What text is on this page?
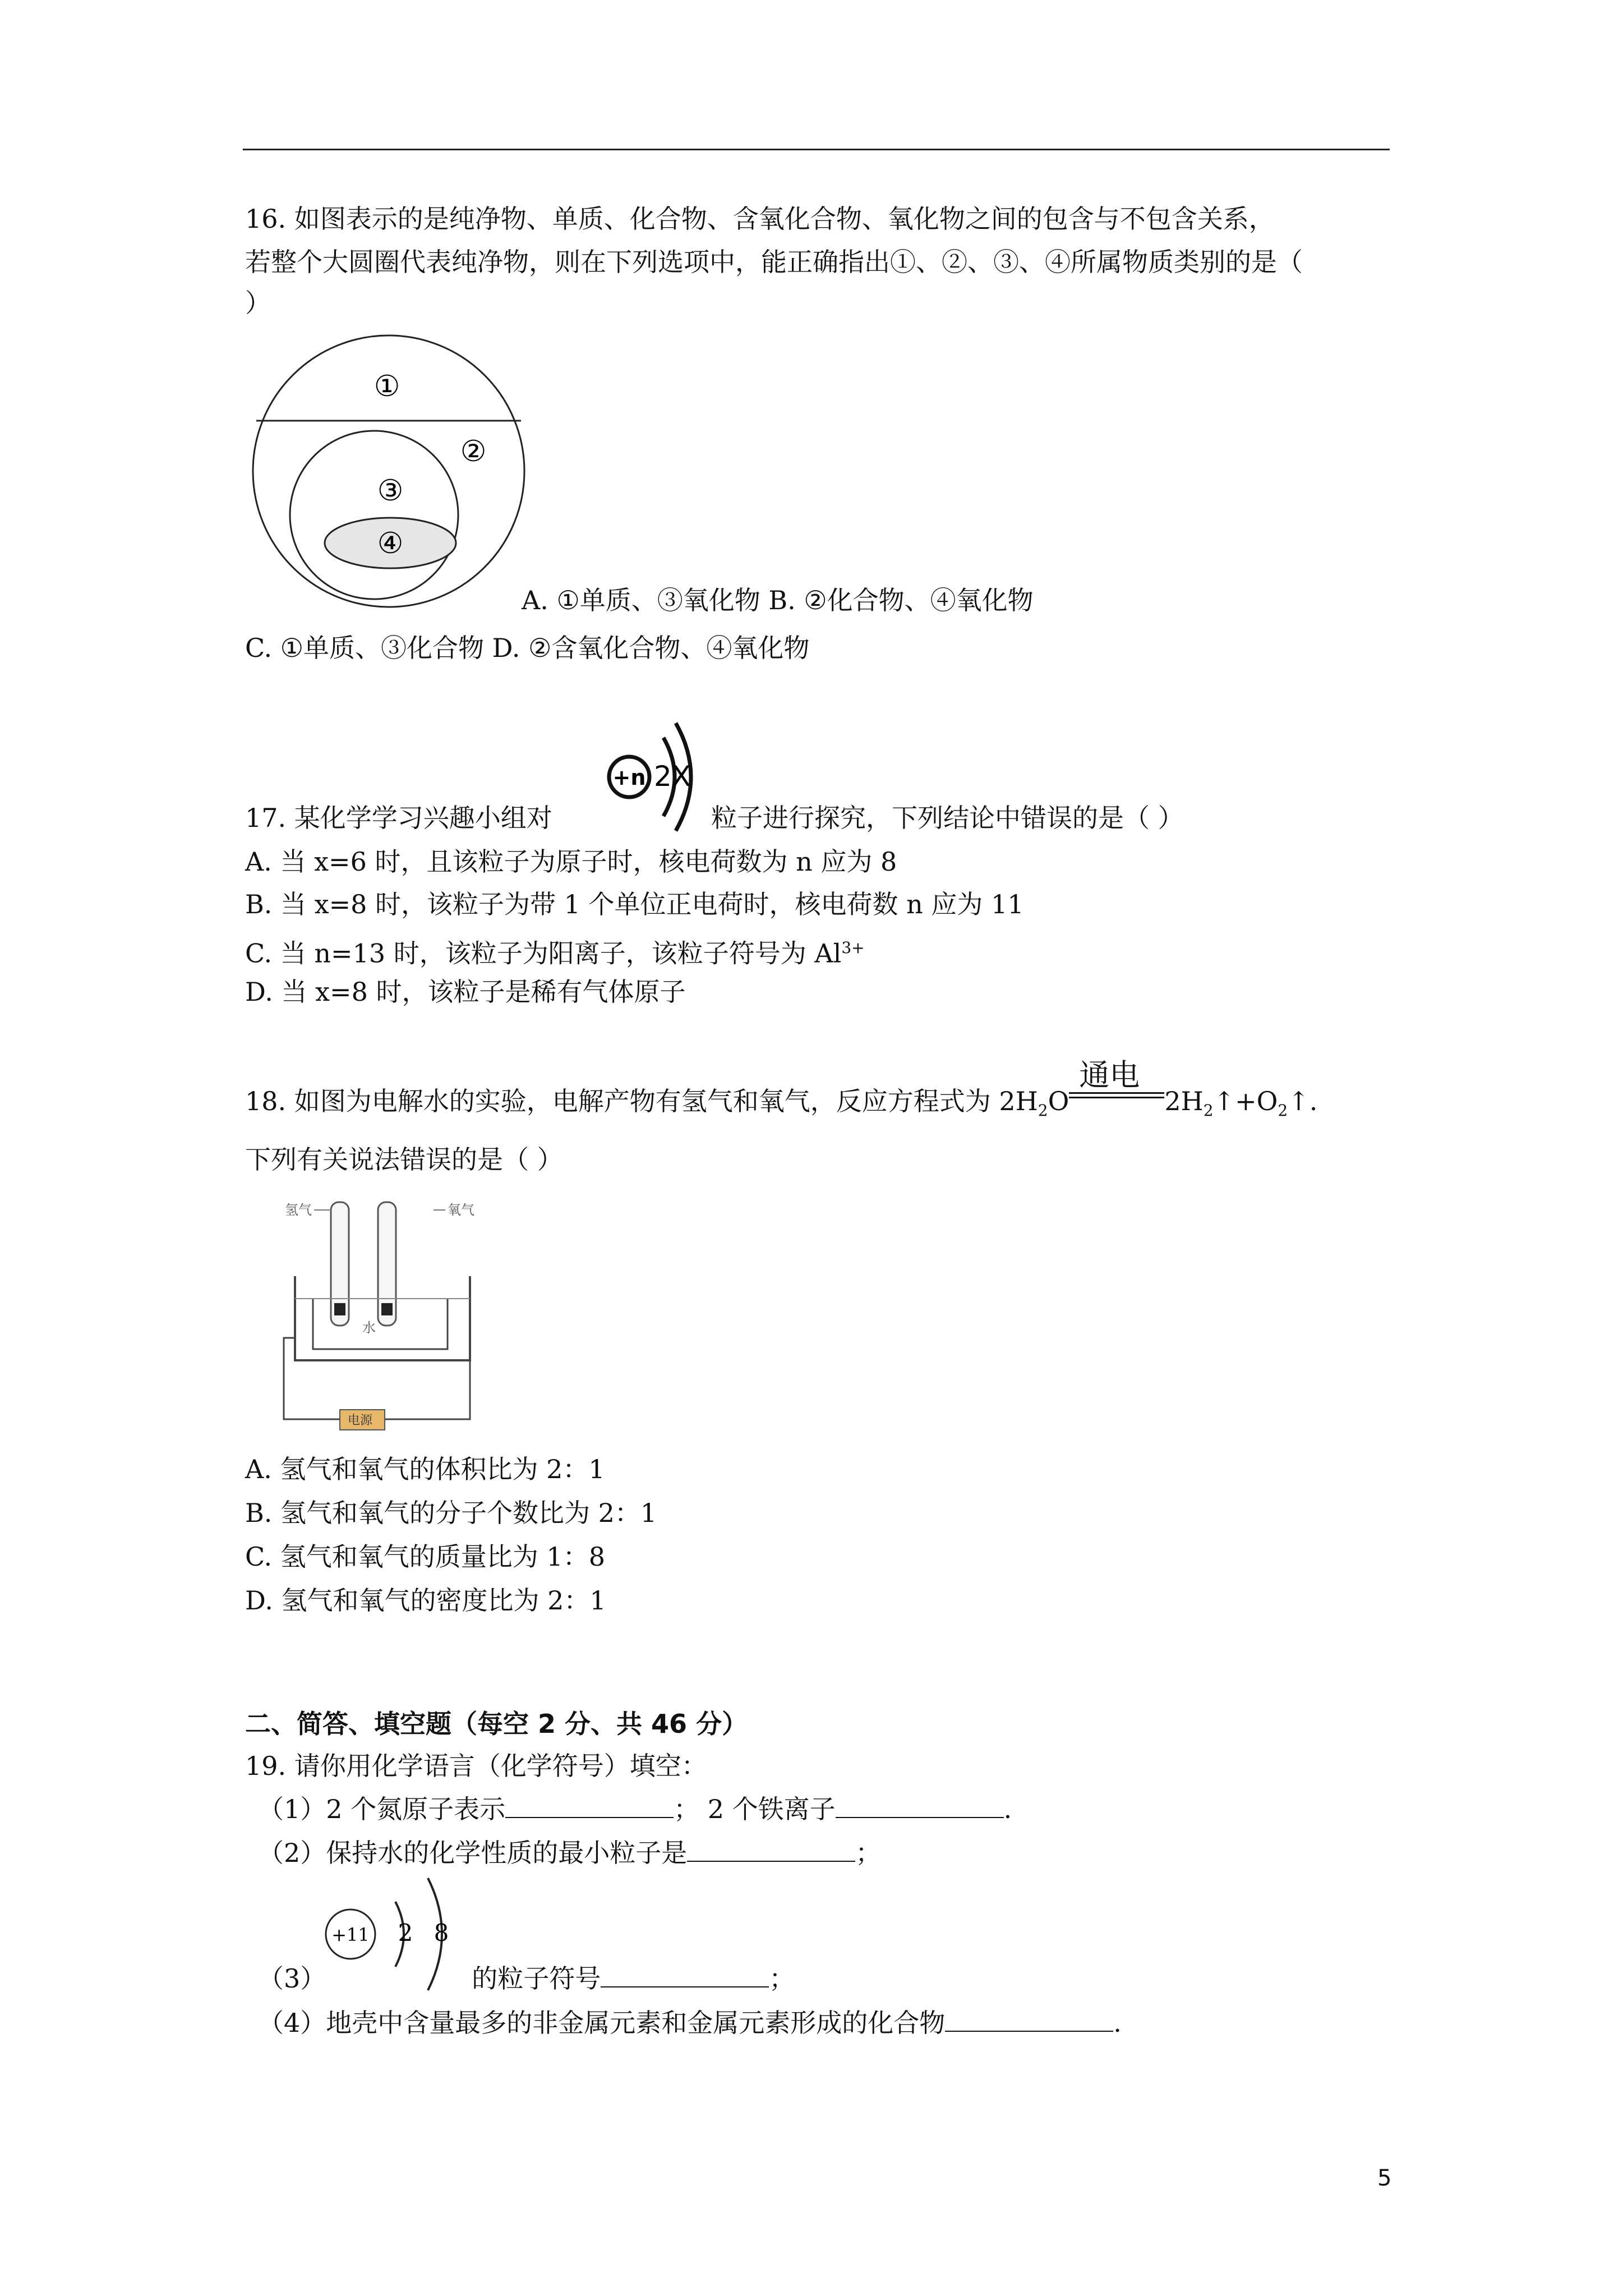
16. 如图表示的是纯净物、单质、化合物、含氧化合物、氧化物之间的包含与不包含关系，
若整个大圆圈代表纯净物，则在下列选项中，能正确指出①、②、③、④所属物质类别的是（
）
①
②
③
④
A. ①单质、③氧化物 B. ②化合物、④氧化物
C. ①单质、③化合物 D. ②含氧化合物、④氧化物
17. 某化学学习兴趣小组对
+n 2X
粒子进行探究，下列结论中错误的是（ ）
A. 当 x=6 时，且该粒子为原子时，核电荷数为 n 应为 8
B. 当 x=8 时，该粒子为带 1 个单位正电荷时，核电荷数 n 应为 11
C. 当 n=13 时，该粒子为阳离子，该粒子符号为 $Al^{3+}$
D. 当 x=8 时，该粒子是稀有气体原子
18. 如图为电解水的实验，电解产物有氢气和氧气，反应方程式为 $2H_2O$
通电
$2H_2↑+O_2↑$.
下列有关说法错误的是（ ）
氢气	氧气
水
电源
A. 氢气和氧气的体积比为 2：1
B. 氢气和氧气的分子个数比为 2：1
C. 氢气和氧气的质量比为 1：8
D. 氢气和氧气的密度比为 2：1
二、简答、填空题（每空 2 分、共 46 分）
19. 请你用化学语言（化学符号）填空：
（1）2 个氮原子表示	； 2 个铁离子	.
（2）保持水的化学性质的最小粒子是	；
+11 2 8
（3）	的粒子符号	；
（4）地壳中含量最多的非金属元素和金属元素形成的化合物	.
5
